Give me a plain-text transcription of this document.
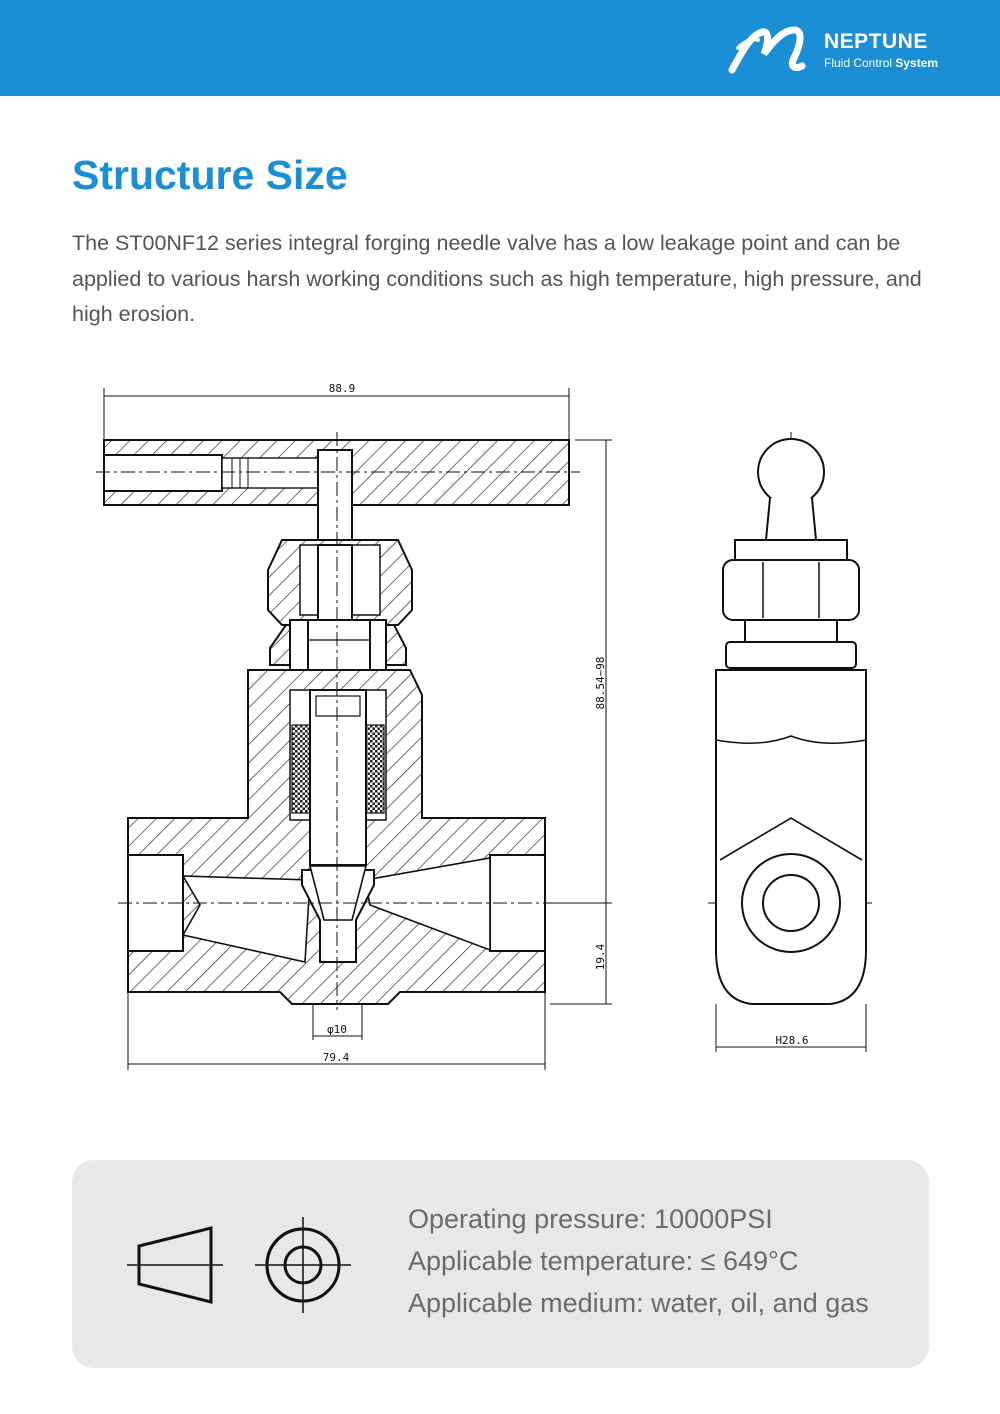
NEPTUNE
Fluid Control System
Structure Size

The ST00NF12 series integral forging needle valve has a low leakage point and can be applied to various harsh working conditions such as high temperature, high pressure, and high erosion.

88.9
88.54~98
19.4
φ10
79.4
H28.6

Operating pressure: 10000PSI

Applicable temperature: ≤ 649°C

Applicable medium: water, oil, and gas
